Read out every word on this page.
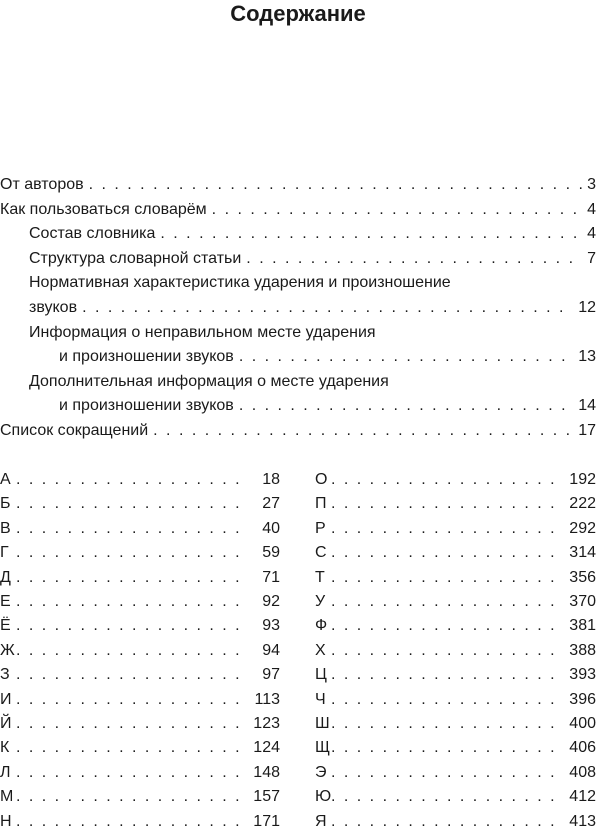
Содержание
От авторов . . .	3
Как пользоваться словарём . . .	4
Состав словника . . .	4
Структура словарной статьи . . .	7
Нормативная характеристика ударения и произношение
звуков . . .	12
Информация о неправильном месте ударения
и произношении звуков . . .	13
Дополнительная информация о месте ударения
и произношении звуков . . .	14
Список сокращений . . .	17
А . . .	18
Б . . .	27
В . . .	40
Г . . .	59
Д . . .	71
Е . . .	92
Ё . . .	93
Ж . . .	94
З . . .	97
И . . .	113
Й . . .	123
К . . .	124
Л . . .	148
М . . .	157
Н . . .	171
О . . .	192
П . . .	222
Р . . .	292
С . . .	314
Т . . .	356
У . . .	370
Ф . . .	381
Х . . .	388
Ц . . .	393
Ч . . .	396
Ш . . .	400
Щ . . .	406
Э . . .	408
Ю . . .	412
Я . . .	413
